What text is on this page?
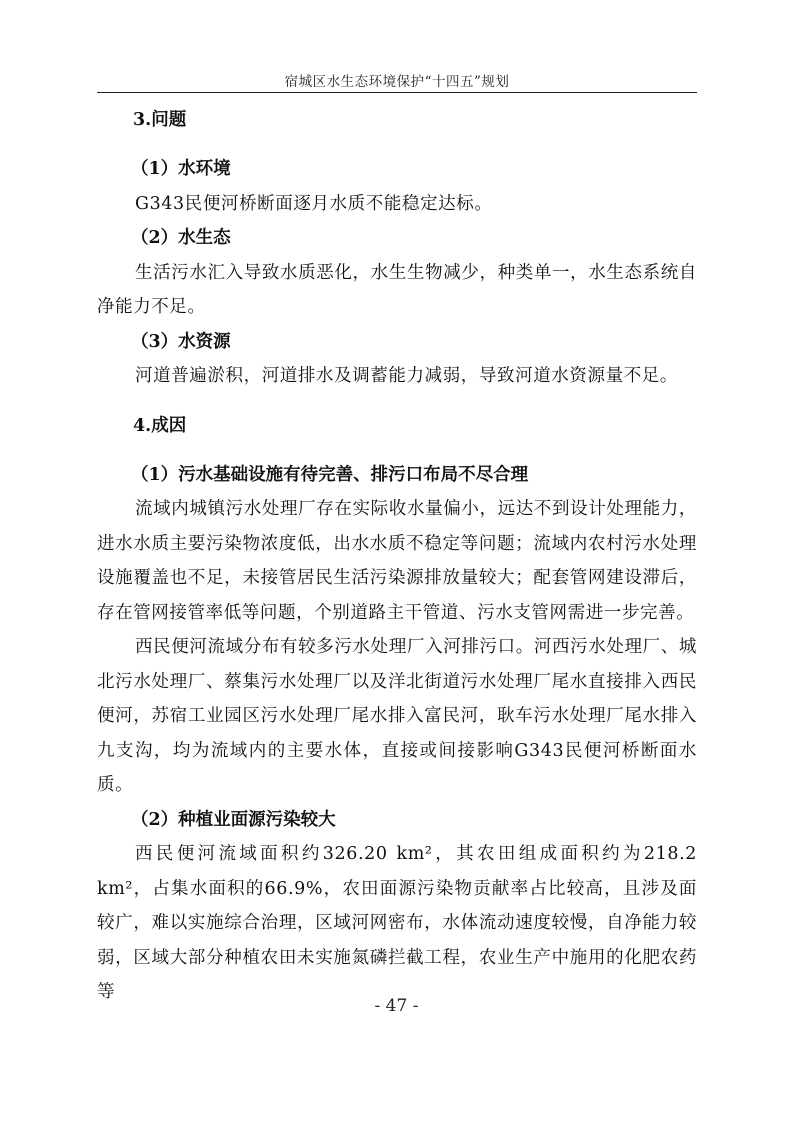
宿城区水生态环境保护“十四五”规划
3.问题
（1）水环境

G343民便河桥断面逐月水质不能稳定达标。

（2）水生态

生活污水汇入导致水质恶化，水生生物减少，种类单一，水生态系统自净能力不足。

（3）水资源

河道普遍淤积，河道排水及调蓄能力减弱，导致河道水资源量不足。

4.成因
（1）污水基础设施有待完善、排污口布局不尽合理

流域内城镇污水处理厂存在实际收水量偏小，远达不到设计处理能力，进水水质主要污染物浓度低，出水水质不稳定等问题；流域内农村污水处理设施覆盖也不足，未接管居民生活污染源排放量较大；配套管网建设滞后，存在管网接管率低等问题，个别道路主干管道、污水支管网需进一步完善。

西民便河流域分布有较多污水处理厂入河排污口。河西污水处理厂、城北污水处理厂、蔡集污水处理厂以及洋北街道污水处理厂尾水直接排入西民便河，苏宿工业园区污水处理厂尾水排入富民河，耿车污水处理厂尾水排入九支沟，均为流域内的主要水体，直接或间接影响G343民便河桥断面水质。

（2）种植业面源污染较大

西民便河流域面积约326.20 km²，其农田组成面积约为218.2 km²，占集水面积的66.9%，农田面源污染物贡献率占比较高，且涉及面较广，难以实施综合治理，区域河网密布，水体流动速度较慢，自净能力较弱，区域大部分种植农田未实施氮磷拦截工程，农业生产中施用的化肥农药等

- 47 -
